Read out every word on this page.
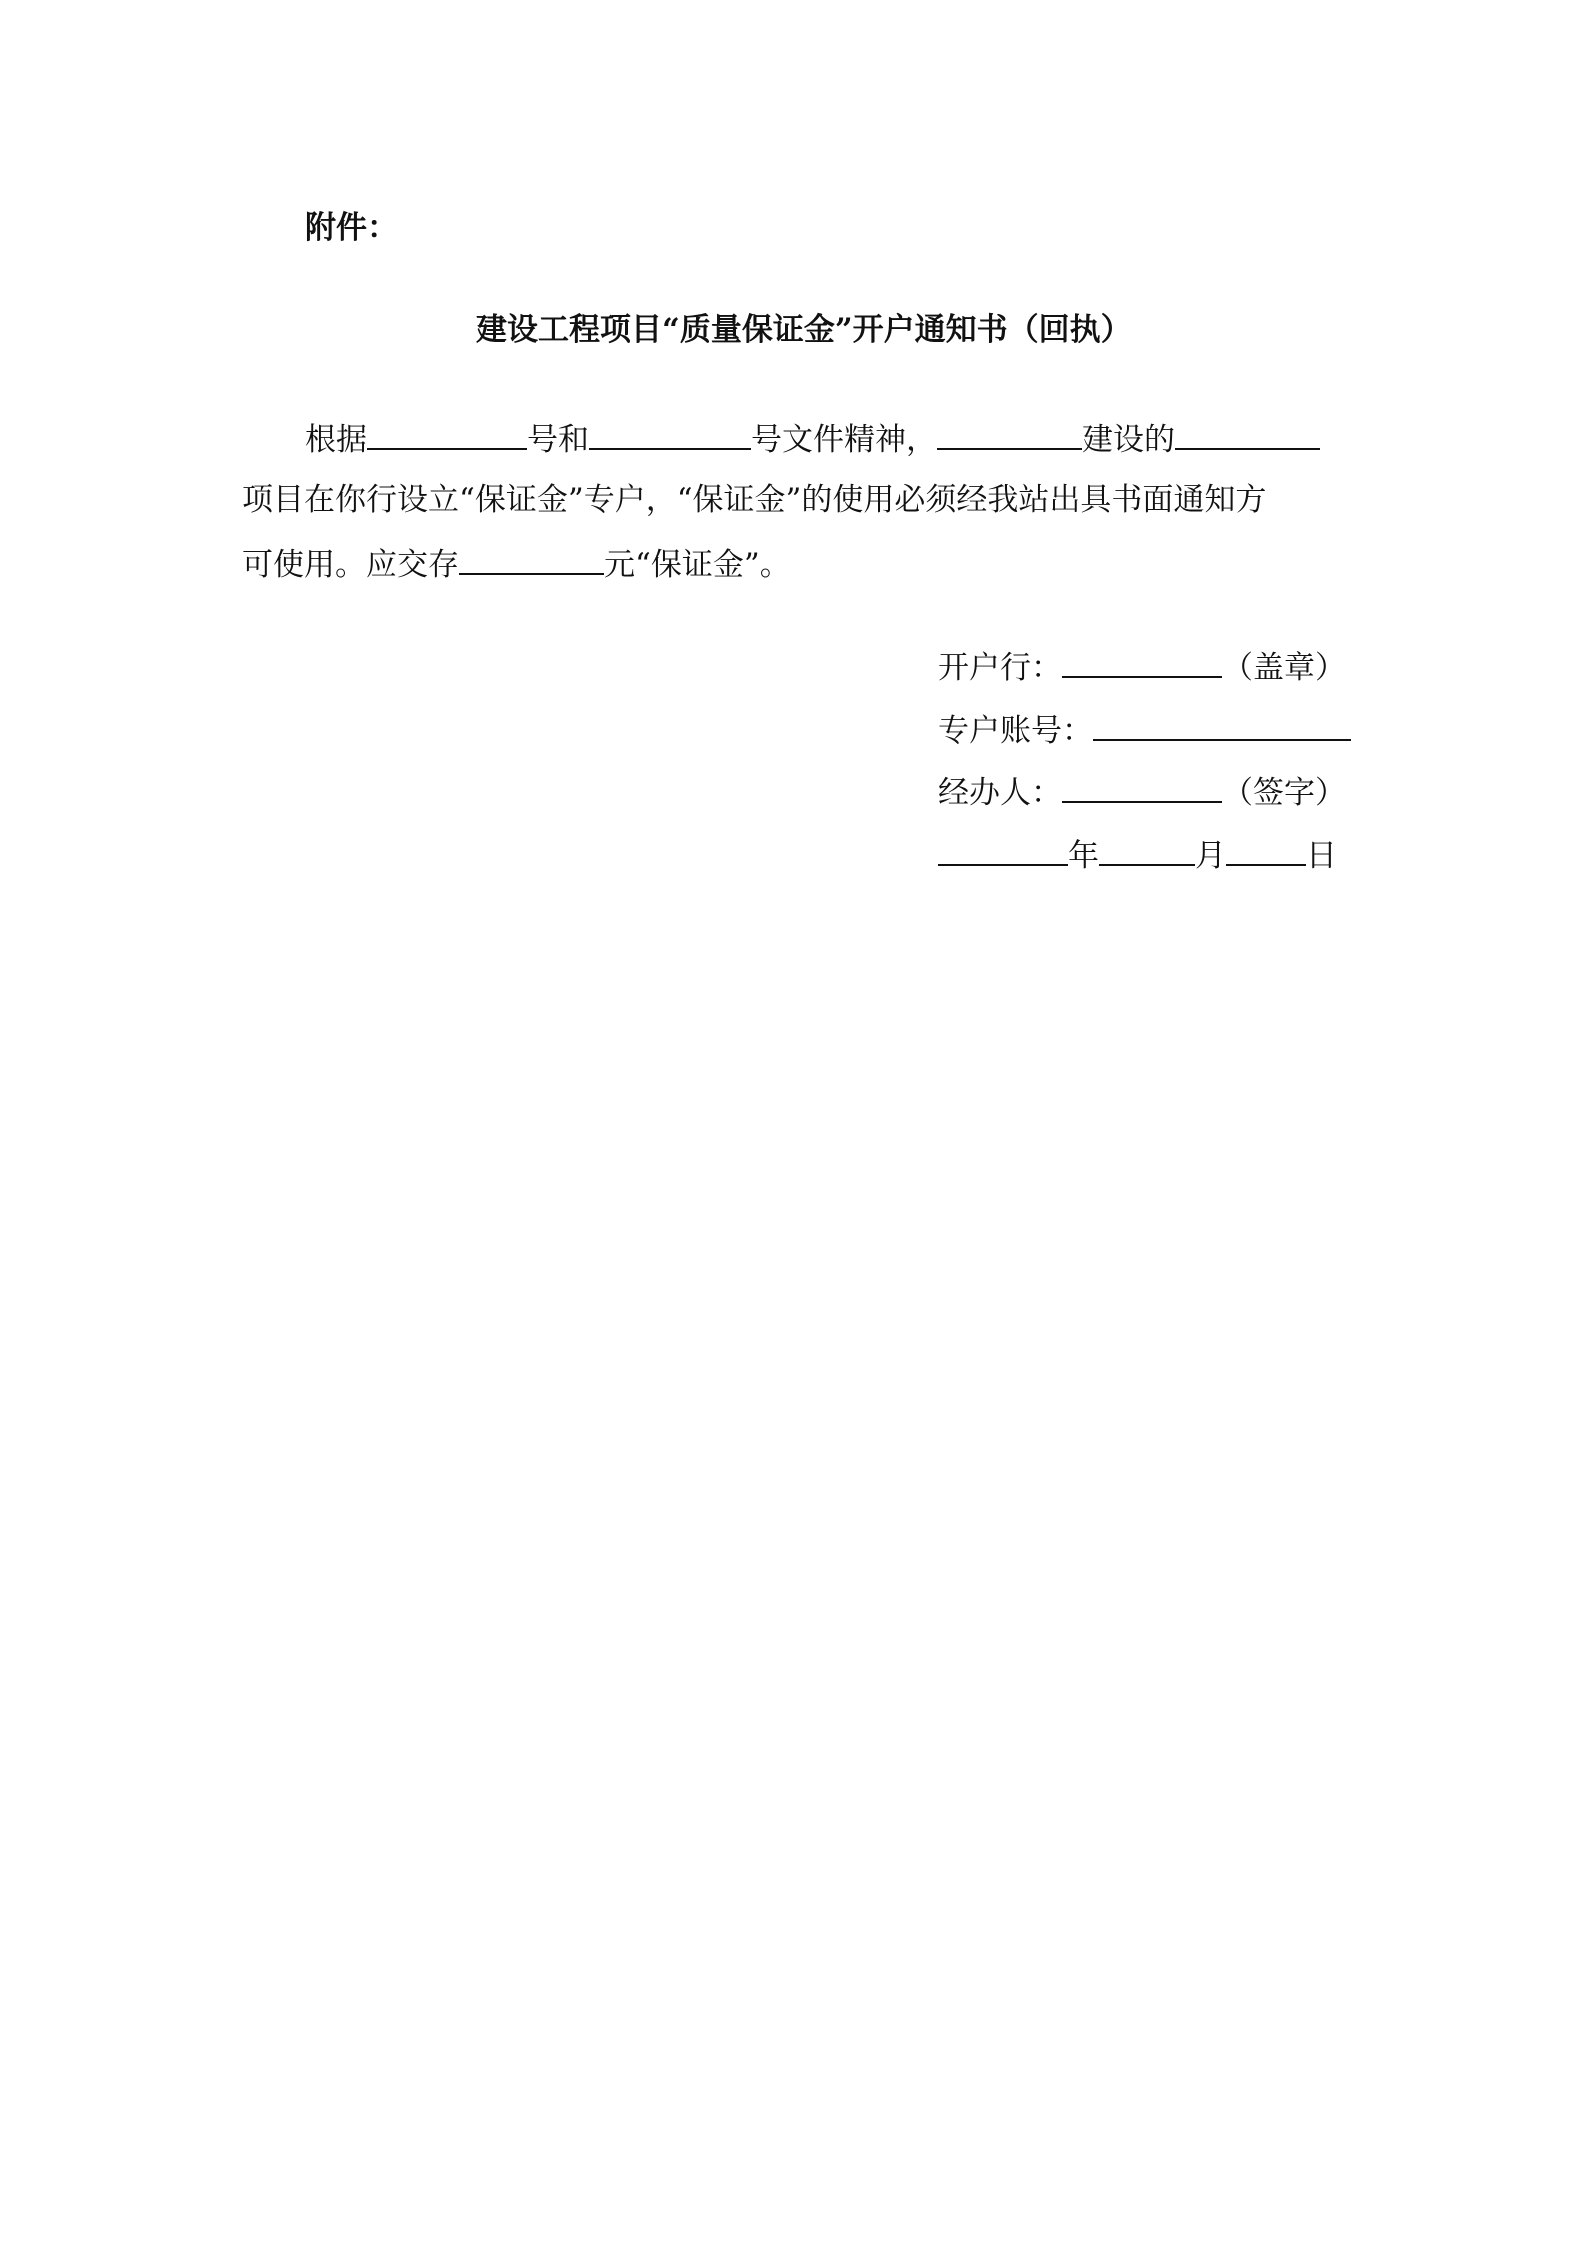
附件：
建设工程项目“质量保证金”开户通知书（回执）
根据	号和	号文件精神，	建设的
项目在你行设立“保证金”专户，“保证金”的使用必须经我站出具书面通知方
可使用。应交存	元“保证金”。
开户行：	（盖章）
专户账号：
经办人：	（签字）
年	月	日
